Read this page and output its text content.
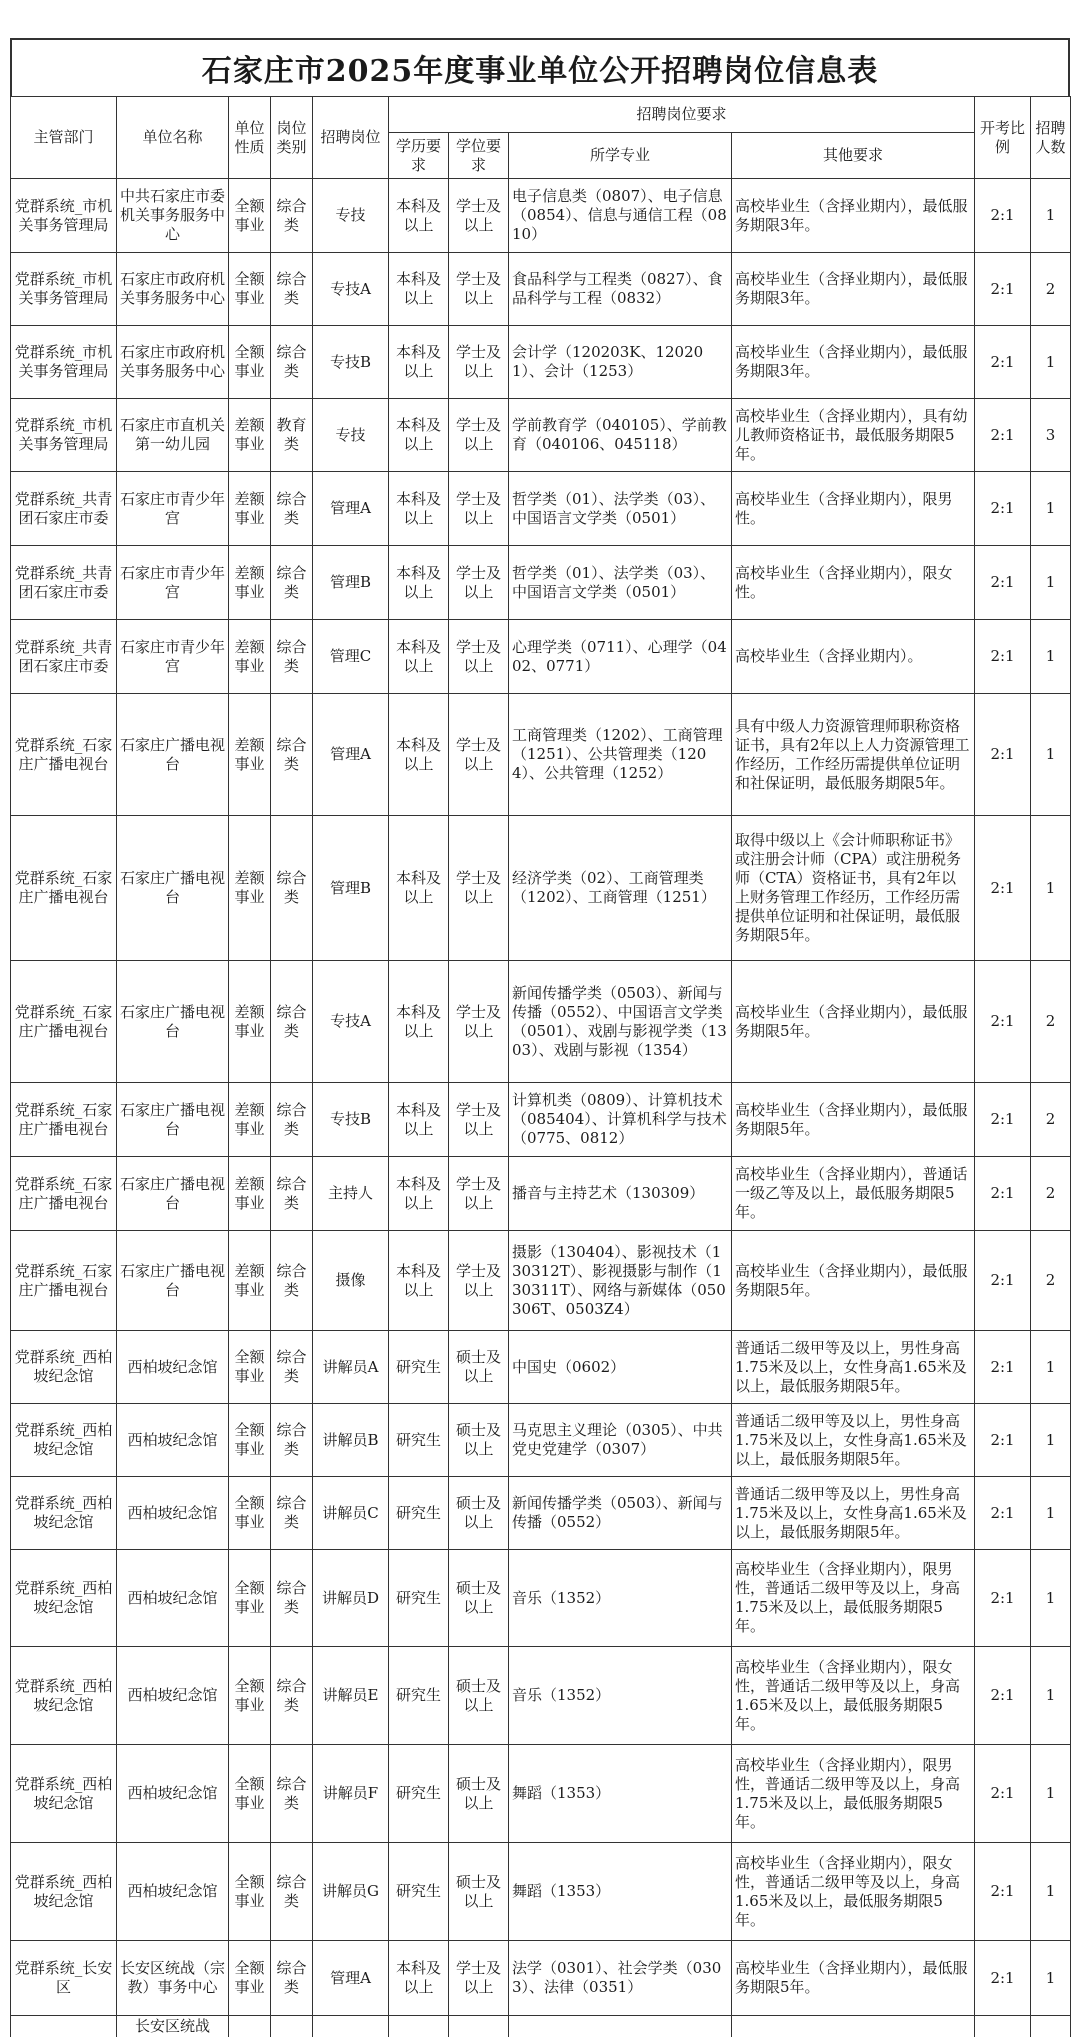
石家庄市2025年度事业单位公开招聘岗位信息表
主管部门	单位名称	单位性质	岗位类别	招聘岗位	招聘岗位要求				开考比例	招聘人数
					学历要求	学位要求	所学专业	其他要求		
党群系统_市机关事务管理局	中共石家庄市委机关事务服务中心	全额事业	综合类	专技	本科及以上	学士及以上	电子信息类（0807）、电子信息（0854）、信息与通信工程（0810）	高校毕业生（含择业期内），最低服务期限3年。	2:1	1
党群系统_市机关事务管理局	石家庄市政府机关事务服务中心	全额事业	综合类	专技A	本科及以上	学士及以上	食品科学与工程类（0827）、食品科学与工程（0832）	高校毕业生（含择业期内），最低服务期限3年。	2:1	2
党群系统_市机关事务管理局	石家庄市政府机关事务服务中心	全额事业	综合类	专技B	本科及以上	学士及以上	会计学（120203K、120201）、会计（1253）	高校毕业生（含择业期内），最低服务期限3年。	2:1	1
党群系统_市机关事务管理局	石家庄市直机关第一幼儿园	差额事业	教育类	专技	本科及以上	学士及以上	学前教育学（040105）、学前教育（040106、045118）	高校毕业生（含择业期内），具有幼儿教师资格证书，最低服务期限5年。	2:1	3
党群系统_共青团石家庄市委	石家庄市青少年宫	差额事业	综合类	管理A	本科及以上	学士及以上	哲学类（01）、法学类（03）、中国语言文学类（0501）	高校毕业生（含择业期内），限男性。	2:1	1
党群系统_共青团石家庄市委	石家庄市青少年宫	差额事业	综合类	管理B	本科及以上	学士及以上	哲学类（01）、法学类（03）、中国语言文学类（0501）	高校毕业生（含择业期内），限女性。	2:1	1
党群系统_共青团石家庄市委	石家庄市青少年宫	差额事业	综合类	管理C	本科及以上	学士及以上	心理学类（0711）、心理学（0402、0771）	高校毕业生（含择业期内）。	2:1	1
党群系统_石家庄广播电视台	石家庄广播电视台	差额事业	综合类	管理A	本科及以上	学士及以上	工商管理类（1202）、工商管理（1251）、公共管理类（1204）、公共管理（1252）	具有中级人力资源管理师职称资格证书，具有2年以上人力资源管理工作经历，工作经历需提供单位证明和社保证明，最低服务期限5年。	2:1	1
党群系统_石家庄广播电视台	石家庄广播电视台	差额事业	综合类	管理B	本科及以上	学士及以上	经济学类（02）、工商管理类（1202）、工商管理（1251）	取得中级以上《会计师职称证书》或注册会计师（CPA）或注册税务师（CTA）资格证书，具有2年以上财务管理工作经历，工作经历需提供单位证明和社保证明，最低服务期限5年。	2:1	1
党群系统_石家庄广播电视台	石家庄广播电视台	差额事业	综合类	专技A	本科及以上	学士及以上	新闻传播学类（0503）、新闻与传播（0552）、中国语言文学类（0501）、戏剧与影视学类（1303）、戏剧与影视（1354）	高校毕业生（含择业期内），最低服务期限5年。	2:1	2
党群系统_石家庄广播电视台	石家庄广播电视台	差额事业	综合类	专技B	本科及以上	学士及以上	计算机类（0809）、计算机技术（085404）、计算机科学与技术（0775、0812）	高校毕业生（含择业期内），最低服务期限5年。	2:1	2
党群系统_石家庄广播电视台	石家庄广播电视台	差额事业	综合类	主持人	本科及以上	学士及以上	播音与主持艺术（130309）	高校毕业生（含择业期内），普通话一级乙等及以上，最低服务期限5年。	2:1	2
党群系统_石家庄广播电视台	石家庄广播电视台	差额事业	综合类	摄像	本科及以上	学士及以上	摄影（130404）、影视技术（130312T）、影视摄影与制作（130311T）、网络与新媒体（050306T、0503Z4）	高校毕业生（含择业期内），最低服务期限5年。	2:1	2
党群系统_西柏坡纪念馆	西柏坡纪念馆	全额事业	综合类	讲解员A	研究生	硕士及以上	中国史（0602）	普通话二级甲等及以上，男性身高1.75米及以上，女性身高1.65米及以上，最低服务期限5年。	2:1	1
党群系统_西柏坡纪念馆	西柏坡纪念馆	全额事业	综合类	讲解员B	研究生	硕士及以上	马克思主义理论（0305）、中共党史党建学（0307）	普通话二级甲等及以上，男性身高1.75米及以上，女性身高1.65米及以上，最低服务期限5年。	2:1	1
党群系统_西柏坡纪念馆	西柏坡纪念馆	全额事业	综合类	讲解员C	研究生	硕士及以上	新闻传播学类（0503）、新闻与传播（0552）	普通话二级甲等及以上，男性身高1.75米及以上，女性身高1.65米及以上，最低服务期限5年。	2:1	1
党群系统_西柏坡纪念馆	西柏坡纪念馆	全额事业	综合类	讲解员D	研究生	硕士及以上	音乐（1352）	高校毕业生（含择业期内），限男性，普通话二级甲等及以上，身高1.75米及以上，最低服务期限5年。	2:1	1
党群系统_西柏坡纪念馆	西柏坡纪念馆	全额事业	综合类	讲解员E	研究生	硕士及以上	音乐（1352）	高校毕业生（含择业期内），限女性，普通话二级甲等及以上，身高1.65米及以上，最低服务期限5年。	2:1	1
党群系统_西柏坡纪念馆	西柏坡纪念馆	全额事业	综合类	讲解员F	研究生	硕士及以上	舞蹈（1353）	高校毕业生（含择业期内），限男性，普通话二级甲等及以上，身高1.75米及以上，最低服务期限5年。	2:1	1
党群系统_西柏坡纪念馆	西柏坡纪念馆	全额事业	综合类	讲解员G	研究生	硕士及以上	舞蹈（1353）	高校毕业生（含择业期内），限女性，普通话二级甲等及以上，身高1.65米及以上，最低服务期限5年。	2:1	1
党群系统_长安区	长安区统战（宗教）事务中心	全额事业	综合类	管理A	本科及以上	学士及以上	法学（0301）、社会学类（0303）、法律（0351）	高校毕业生（含择业期内），最低服务期限5年。	2:1	1
	长安区统战									
